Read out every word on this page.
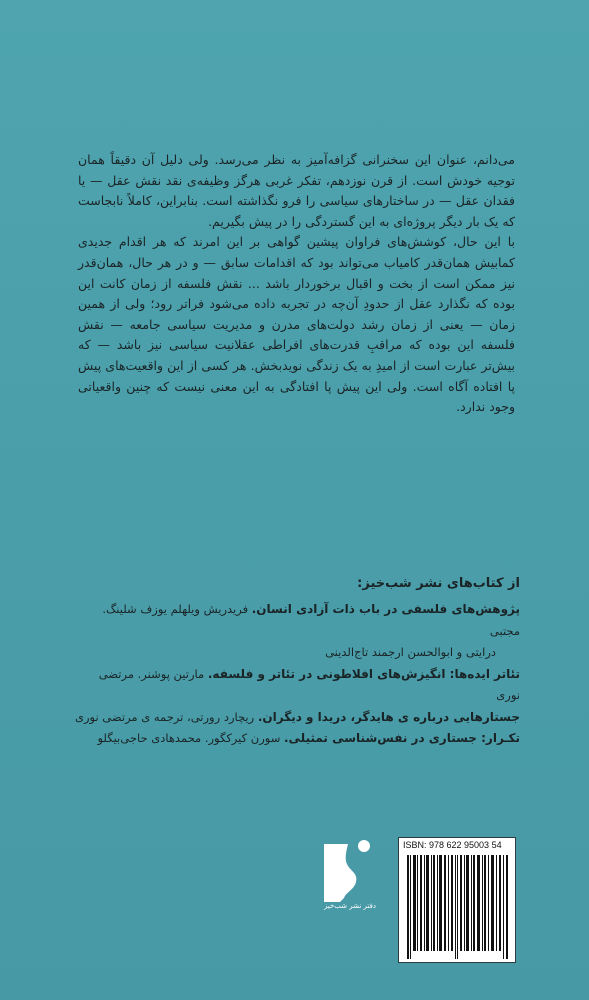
می‌دانم، عنوان این سخنرانی گزافه‌آمیز به نظر می‌رسد. ولی دلیل آن دقیقاً همان توجیه خودش است. از قرن نوزدهم، تفکر غربی هرگز وظیفه‌ی نقد نقش عقل — یا فقدان عقل — در ساختارهای سیاسی را فرو نگذاشته است. بنابراین، کاملاً نابجاست که یک بار دیگر پروژه‌ای به این گستردگی را در پیش بگیریم.

با این حال، کوشش‌های فراوان پیشین گواهی بر این امرند که هر اقدام جدیدی کمابیش همان‌قدر کامیاب می‌تواند بود که اقدامات سابق — و در هر حال، همان‌قدر نیز ممکن است از بخت و اقبال برخوردار باشد ... نقش فلسفه از زمان کانت این بوده که نگذارد عقل از حدودِ آن‌چه در تجربه داده می‌شود فراتر رود؛ ولی از همین زمان — یعنی از زمان رشد دولت‌های مدرن و مدیریت سیاسی جامعه — نقش فلسفه این بوده که مراقبِ قدرت‌های افراطی عقلانیت سیاسی نیز باشد — که بیش‌تر عبارت است از امیدِ به یک زندگی نویدبخش. هر کسی از این واقعیت‌های پیش پا افتاده آگاه است. ولی این پیش پا افتادگی به این معنی نیست که چنین واقعیاتی وجود ندارد.

از کتاب‌های نشر شب‌خیز:

پژوهش‌های فلسفی در باب ذات آزادی انسان. فریدریش ویلهلم یوزف شلینگ. مجتبی

درایتی و ابوالحسن ارجمند تاج‌الدینی

تئاتر ایده‌ها: انگیزش‌های افلاطونی در تئاتر و فلسفه. مارتین پوشنر. مرتضی نوری

جستارهایی درباره ی هایدگر، دریدا و دیگران. ریچارد رورتی، ترجمه ی مرتضی نوری

تکـرار: جستاری در نفس‌شناسی تمثیلی. سورن کیرکگور. محمدهادی حاجی‌بیگلو

دفتر نشر شب‌خیز
ISBN: 978 622 95003 54
